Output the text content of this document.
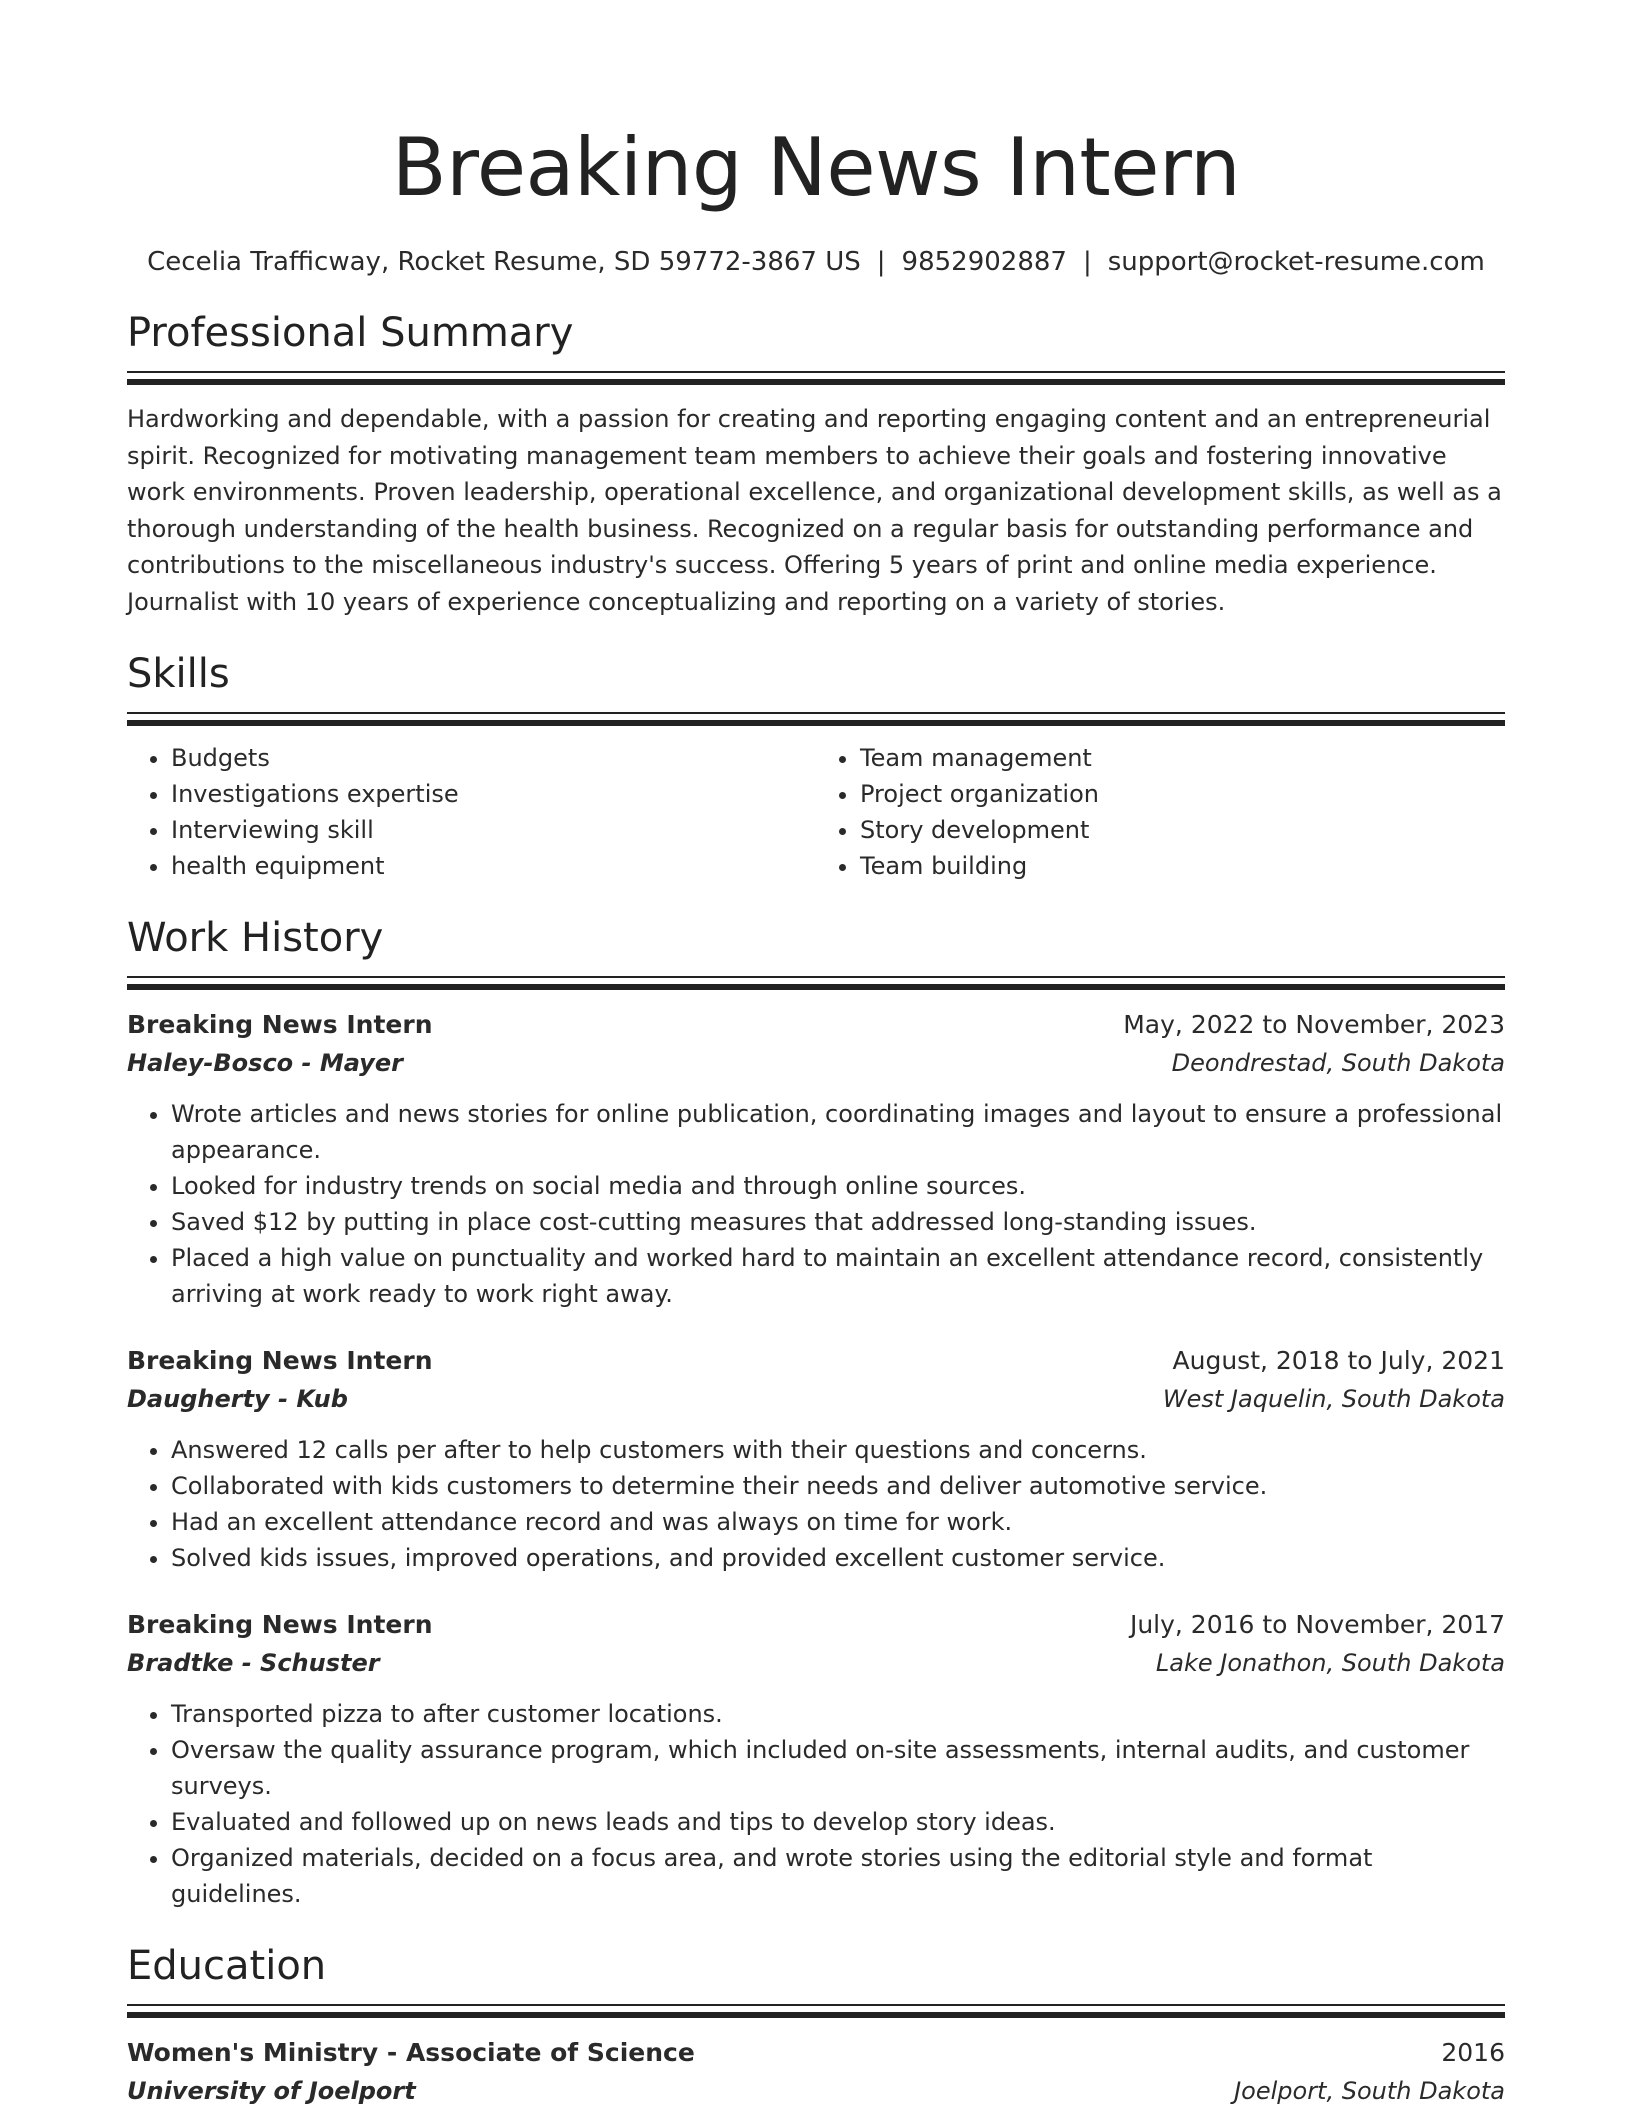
Breaking News Intern
Cecelia Trafficway, Rocket Resume, SD 59772-3867 US | 9852902887 | support@rocket-resume.com
Professional Summary

Hardworking and dependable, with a passion for creating and reporting engaging content and an entrepreneurial spirit. Recognized for motivating management team members to achieve their goals and fostering innovative work environments. Proven leadership, operational excellence, and organizational development skills, as well as a thorough understanding of the health business. Recognized on a regular basis for outstanding performance and contributions to the miscellaneous industry's success. Offering 5 years of print and online media experience. Journalist with 10 years of experience conceptualizing and reporting on a variety of stories.

Skills
• Budgets
• Investigations expertise
• Interviewing skill
• health equipment
• Team management
• Project organization
• Story development
• Team building
Work History
Breaking News Intern	May, 2022 to November, 2023
Haley-Bosco - Mayer	Deondrestad, South Dakota
• Wrote articles and news stories for online publication, coordinating images and layout to ensure a professional appearance.
• Looked for industry trends on social media and through online sources.
• Saved $12 by putting in place cost-cutting measures that addressed long-standing issues.
• Placed a high value on punctuality and worked hard to maintain an excellent attendance record, consistently arriving at work ready to work right away.
Breaking News Intern	August, 2018 to July, 2021
Daugherty - Kub	West Jaquelin, South Dakota
• Answered 12 calls per after to help customers with their questions and concerns.
• Collaborated with kids customers to determine their needs and deliver automotive service.
• Had an excellent attendance record and was always on time for work.
• Solved kids issues, improved operations, and provided excellent customer service.
Breaking News Intern	July, 2016 to November, 2017
Bradtke - Schuster	Lake Jonathon, South Dakota
• Transported pizza to after customer locations.
• Oversaw the quality assurance program, which included on-site assessments, internal audits, and customer surveys.
• Evaluated and followed up on news leads and tips to develop story ideas.
• Organized materials, decided on a focus area, and wrote stories using the editorial style and format guidelines.
Education
Women's Ministry - Associate of Science	2016
University of Joelport	Joelport, South Dakota
